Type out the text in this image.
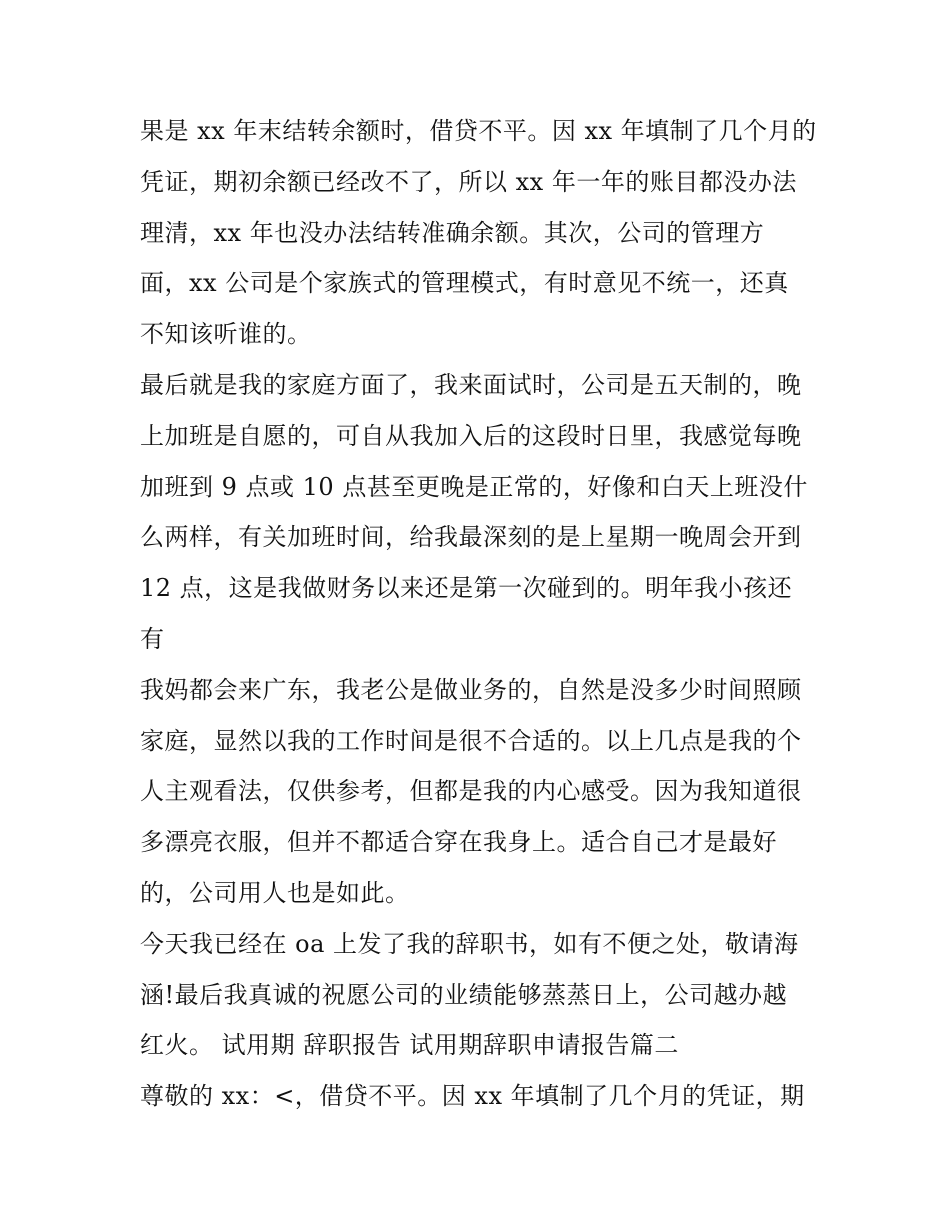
果是 xx 年末结转余额时，借贷不平。因 xx 年填制了几个月的
凭证，期初余额已经改不了，所以 xx 年一年的账目都没办法
理清，xx 年也没办法结转准确余额。其次，公司的管理方
面，xx 公司是个家族式的管理模式，有时意见不统一，还真
不知该听谁的。
最后就是我的家庭方面了，我来面试时，公司是五天制的，晚
上加班是自愿的，可自从我加入后的这段时日里，我感觉每晚
加班到 9 点或 10 点甚至更晚是正常的，好像和白天上班没什
么两样，有关加班时间，给我最深刻的是上星期一晚周会开到
12 点，这是我做财务以来还是第一次碰到的。明年我小孩还
有
我妈都会来广东，我老公是做业务的，自然是没多少时间照顾
家庭，显然以我的工作时间是很不合适的。以上几点是我的个
人主观看法，仅供参考，但都是我的内心感受。因为我知道很
多漂亮衣服，但并不都适合穿在我身上。适合自己才是最好
的，公司用人也是如此。
今天我已经在 oa 上发了我的辞职书，如有不便之处，敬请海
涵!最后我真诚的祝愿公司的业绩能够蒸蒸日上，公司越办越
红火。 试用期 辞职报告 试用期辞职申请报告篇二
尊敬的 xx：<，借贷不平。因 xx 年填制了几个月的凭证，期
